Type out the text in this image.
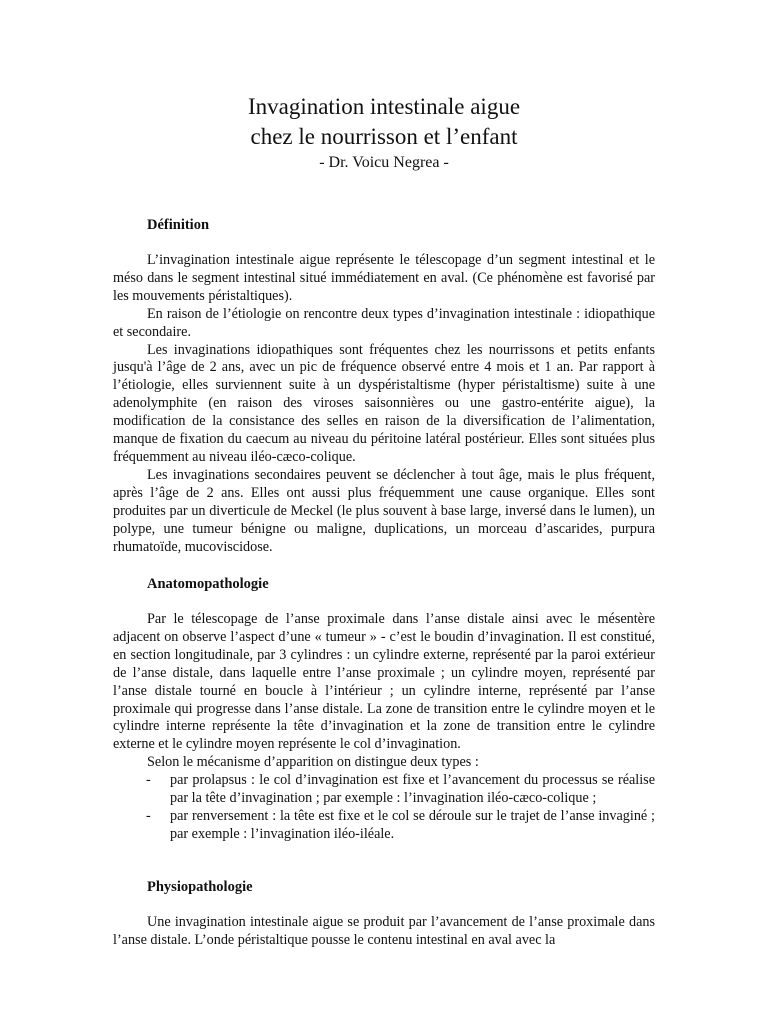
Invagination intestinale aigue
chez le nourrisson et l’enfant
- Dr. Voicu Negrea -
Définition

L’invagination intestinale aigue représente le télescopage d’un segment intestinal et le méso dans le segment intestinal situé immédiatement en aval. (Ce phénomène est favorisé par les mouvements péristaltiques).

En raison de l’étiologie on rencontre deux types d’invagination intestinale : idiopathique et secondaire.

Les invaginations idiopathiques sont fréquentes chez les nourrissons et petits enfants jusqu'à l’âge de 2 ans, avec un pic de fréquence observé entre 4 mois et 1 an. Par rapport à l’étiologie, elles surviennent suite à un dyspéristaltisme (hyper péristaltisme) suite à une adenolymphite (en raison des viroses saisonnières ou une gastro-entérite aigue), la modification de la consistance des selles en raison de la diversification de l’alimentation, manque de fixation du caecum au niveau du péritoine latéral postérieur. Elles sont situées plus fréquemment au niveau iléo-cæco-colique.

Les invaginations secondaires peuvent se déclencher à tout âge, mais le plus fréquent, après l’âge de 2 ans. Elles ont aussi plus fréquemment une cause organique. Elles sont produites par un diverticule de Meckel (le plus souvent à base large, inversé dans le lumen), un polype, une tumeur bénigne ou maligne, duplications, un morceau d’ascarides, purpura rhumatoïde, mucoviscidose.

Anatomopathologie

Par le télescopage de l’anse proximale dans l’anse distale ainsi avec le mésentère adjacent on observe l’aspect d’une « tumeur » - c’est le boudin d’invagination. Il est constitué, en section longitudinale, par 3 cylindres : un cylindre externe, représenté par la paroi extérieur de l’anse distale, dans laquelle entre l’anse proximale ; un cylindre moyen, représenté par l’anse distale tourné en boucle à l’intérieur ; un cylindre interne, représenté par l’anse proximale qui progresse dans l’anse distale. La zone de transition entre le cylindre moyen et le cylindre interne représente la tête d’invagination et la zone de transition entre le cylindre externe et le cylindre moyen représente le col d’invagination.

Selon le mécanisme d’apparition on distingue deux types :

- par prolapsus : le col d’invagination est fixe et l’avancement du processus se réalise par la tête d’invagination ; par exemple : l’invagination iléo-cæco-colique ;
- par renversement : la tête est fixe et le col se déroule sur le trajet de l’anse invaginé ; par exemple : l’invagination iléo-iléale.
Physiopathologie

Une invagination intestinale aigue se produit par l’avancement de l’anse proximale dans l’anse distale. L’onde péristaltique pousse le contenu intestinal en aval avec la
